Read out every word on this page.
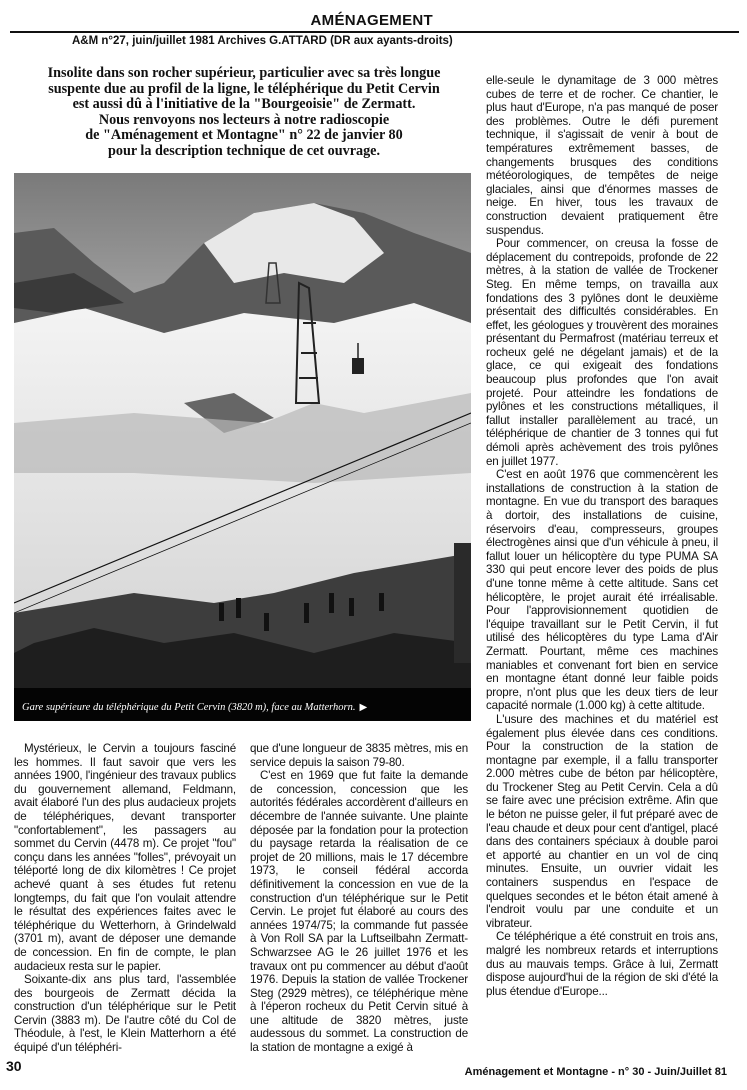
AMÉNAGEMENT
A&M n°27, juin/juillet 1981 Archives G.ATTARD (DR aux ayants-droits)
Insolite dans son rocher supérieur, particulier avec sa très longue
suspente due au profil de la ligne, le téléphérique du Petit Cervin
est aussi dû à l'initiative de la "Bourgeoisie" de Zermatt.
Nous renvoyons nos lecteurs à notre radioscopie
de "Aménagement et Montagne" n° 22 de janvier 80
pour la description technique de cet ouvrage.
Gare supérieure du téléphérique du Petit Cervin (3820 m), face au Matterhorn. ▶

Mystérieux, le Cervin a toujours fasciné les hommes. Il faut savoir que vers les années 1900, l'ingénieur des travaux publics du gouvernement allemand, Feldmann, avait élaboré l'un des plus audacieux projets de téléphériques, devant transporter "confortablement", les passagers au sommet du Cervin (4478 m). Ce projet "fou" conçu dans les années "folles", prévoyait un téléporté long de dix kilomètres ! Ce projet achevé quant à ses études fut retenu longtemps, du fait que l'on voulait attendre le résultat des expériences faites avec le téléphérique du Wetterhorn, à Grindelwald (3701 m), avant de déposer une demande de concession. En fin de compte, le plan audacieux resta sur le papier.

Soixante-dix ans plus tard, l'assemblée des bourgeois de Zermatt décida la construction d'un téléphérique sur le Petit Cervin (3883 m). De l'autre côté du Col de Théodule, à l'est, le Klein Matterhorn a été équipé d'un téléphéri-

que d'une longueur de 3835 mètres, mis en service depuis la saison 79-80.

C'est en 1969 que fut faite la demande de concession, concession que les autorités fédérales accordèrent d'ailleurs en décembre de l'année suivante. Une plainte déposée par la fondation pour la protection du paysage retarda la réalisation de ce projet de 20 millions, mais le 17 décembre 1973, le conseil fédéral accorda définitivement la concession en vue de la construction d'un téléphérique sur le Petit Cervin. Le projet fut élaboré au cours des années 1974/75; la commande fut passée à Von Roll SA par la Luftseilbahn Zermatt-Schwarzsee AG le 26 juillet 1976 et les travaux ont pu commencer au début d'août 1976. Depuis la station de vallée Trockener Steg (2929 mètres), ce téléphérique mène à l'éperon rocheux du Petit Cervin situé à une altitude de 3820 mètres, juste audessous du sommet. La construction de la station de montagne a exigé à

elle-seule le dynamitage de 3 000 mètres cubes de terre et de rocher. Ce chantier, le plus haut d'Europe, n'a pas manqué de poser des problèmes. Outre le défi purement technique, il s'agissait de venir à bout de températures extrêmement basses, de changements brusques des conditions météorologiques, de tempêtes de neige glaciales, ainsi que d'énormes masses de neige. En hiver, tous les travaux de construction devaient pratiquement être suspendus.

Pour commencer, on creusa la fosse de déplacement du contrepoids, profonde de 22 mètres, à la station de vallée de Trockener Steg. En même temps, on travailla aux fondations des 3 pylônes dont le deuxième présentait des difficultés considérables. En effet, les géologues y trouvèrent des moraines présentant du Permafrost (matériau terreux et rocheux gelé ne dégelant jamais) et de la glace, ce qui exigeait des fondations beaucoup plus profondes que l'on avait projeté. Pour atteindre les fondations de pylônes et les constructions métalliques, il fallut installer parallèlement au tracé, un téléphérique de chantier de 3 tonnes qui fut démoli après achèvement des trois pylônes en juillet 1977.

C'est en août 1976 que commencèrent les installations de construction à la station de montagne. En vue du transport des baraques à dortoir, des installations de cuisine, réservoirs d'eau, compresseurs, groupes électrogènes ainsi que d'un véhicule à pneu, il fallut louer un hélicoptère du type PUMA SA 330 qui peut encore lever des poids de plus d'une tonne même à cette altitude. Sans cet hélicoptère, le projet aurait été irréalisable. Pour l'approvisionnement quotidien de l'équipe travaillant sur le Petit Cervin, il fut utilisé des hélicoptères du type Lama d'Air Zermatt. Pourtant, même ces machines maniables et convenant fort bien en service en montagne étant donné leur faible poids propre, n'ont plus que les deux tiers de leur capacité normale (1.000 kg) à cette altitude.

L'usure des machines et du matériel est également plus élevée dans ces conditions. Pour la construction de la station de montagne par exemple, il a fallu transporter 2.000 mètres cube de béton par hélicoptère, du Trockener Steg au Petit Cervin. Cela a dû se faire avec une précision extrême. Afin que le béton ne puisse geler, il fut préparé avec de l'eau chaude et deux pour cent d'antigel, placé dans des containers spéciaux à double paroi et apporté au chantier en un vol de cinq minutes. Ensuite, un ouvrier vidait les containers suspendus en l'espace de quelques secondes et le béton était amené à l'endroit voulu par une conduite et un vibrateur.

Ce téléphérique a été construit en trois ans, malgré les nombreux retards et interruptions dus au mauvais temps. Grâce à lui, Zermatt dispose aujourd'hui de la région de ski d'été la plus étendue d'Europe...

30	Aménagement et Montagne - n° 30 - Juin/Juillet 81
